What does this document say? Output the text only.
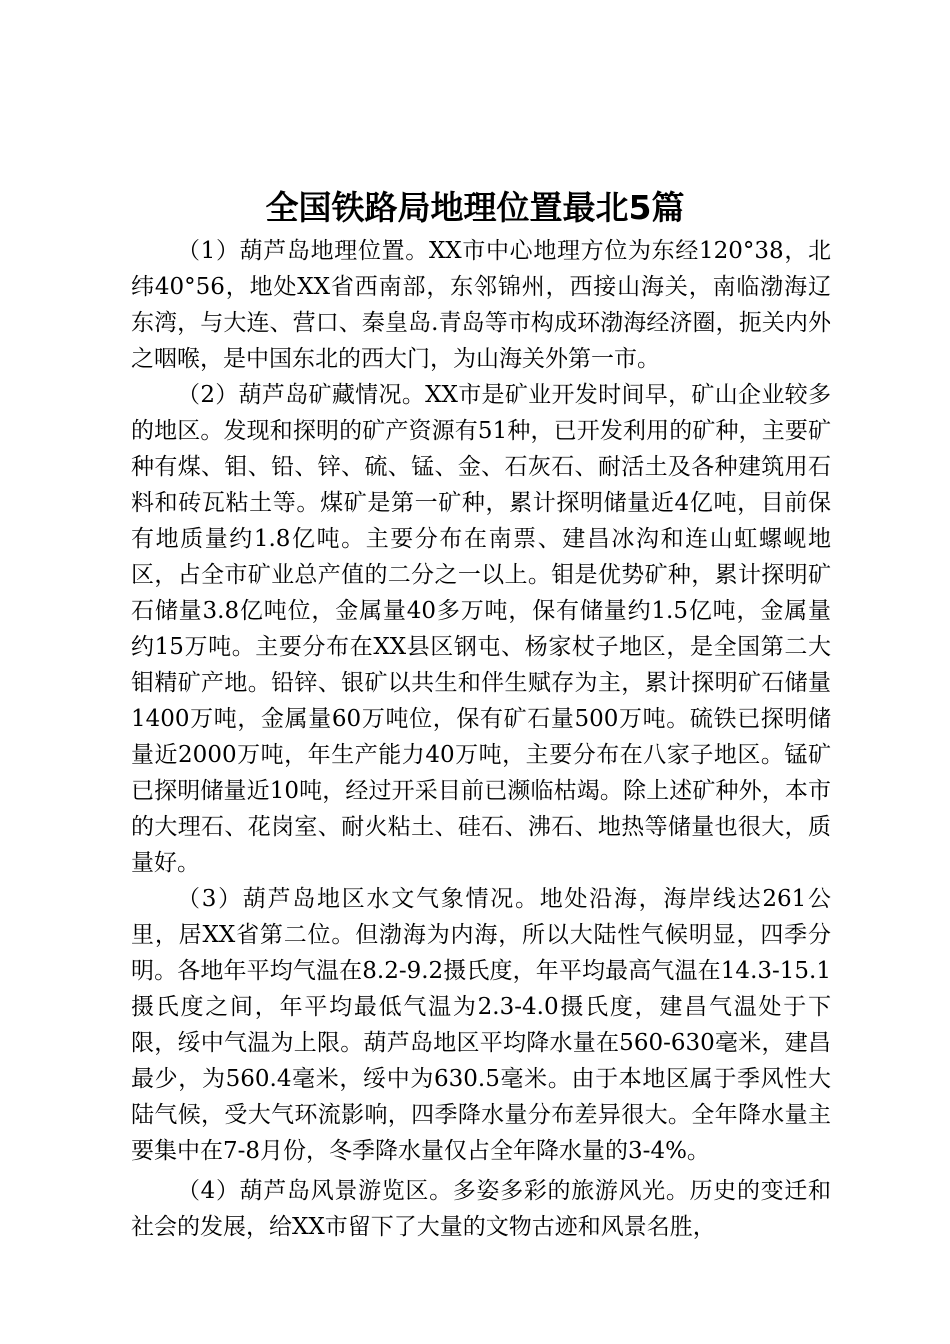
全国铁路局地理位置最北5篇

（1）葫芦岛地理位置。XX市中心地理方位为东经120°38，北纬40°56，地处XX省西南部，东邻锦州，西接山海关，南临渤海辽东湾，与大连、营口、秦皇岛.青岛等市构成环渤海经济圈，扼关内外之咽喉，是中国东北的西大门，为山海关外第一市。

（2）葫芦岛矿藏情况。XX市是矿业开发时间早，矿山企业较多的地区。发现和探明的矿产资源有51种，已开发利用的矿种，主要矿种有煤、钼、铅、锌、硫、锰、金、石灰石、耐活土及各种建筑用石料和砖瓦粘土等。煤矿是第一矿种，累计探明储量近4亿吨，目前保有地质量约1.8亿吨。主要分布在南票、建昌冰沟和连山虹螺岘地区，占全市矿业总产值的二分之一以上。钼是优势矿种，累计探明矿石储量3.8亿吨位，金属量40多万吨，保有储量约1.5亿吨，金属量约15万吨。主要分布在XX县区钢屯、杨家杖子地区，是全国第二大钼精矿产地。铅锌、银矿以共生和伴生赋存为主，累计探明矿石储量1400万吨，金属量60万吨位，保有矿石量500万吨。硫铁已探明储量近2000万吨，年生产能力40万吨，主要分布在八家子地区。锰矿已探明储量近10吨，经过开采目前已濒临枯竭。除上述矿种外，本市的大理石、花岗室、耐火粘土、硅石、沸石、地热等储量也很大，质量好。

（3）葫芦岛地区水文气象情况。地处沿海，海岸线达261公里，居XX省第二位。但渤海为内海，所以大陆性气候明显，四季分明。各地年平均气温在8.2-9.2摄氏度，年平均最高气温在14.3-15.1摄氏度之间，年平均最低气温为2.3-4.0摄氏度，建昌气温处于下限，绥中气温为上限。葫芦岛地区平均降水量在560-630毫米，建昌最少，为560.4毫米，绥中为630.5毫米。由于本地区属于季风性大陆气候，受大气环流影响，四季降水量分布差异很大。全年降水量主要集中在7-8月份，冬季降水量仅占全年降水量的3-4%。

（4）葫芦岛风景游览区。多姿多彩的旅游风光。历史的变迁和社会的发展，给XX市留下了大量的文物古迹和风景名胜，
